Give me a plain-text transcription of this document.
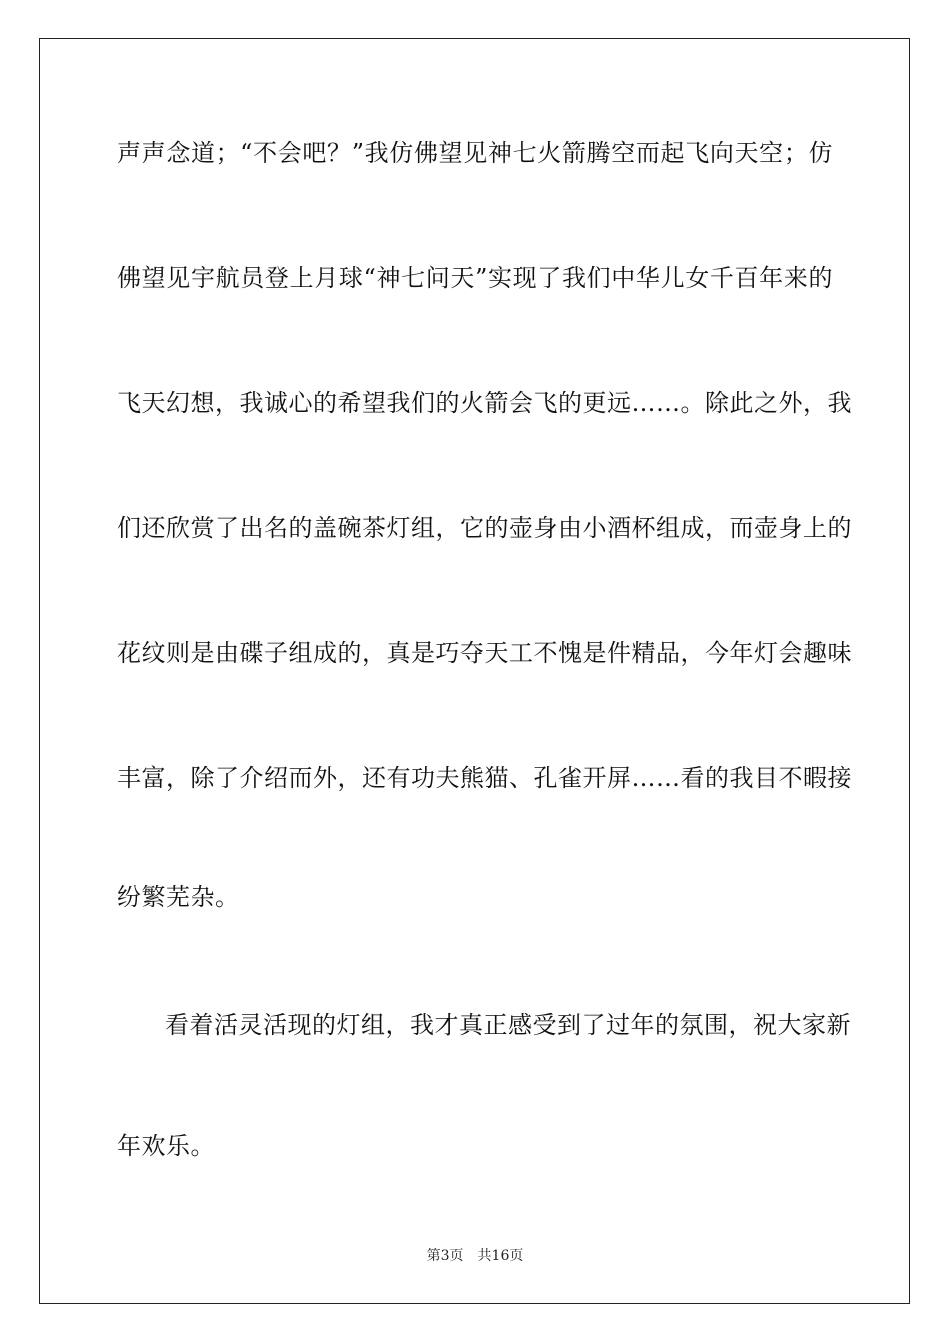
声声念道；“不会吧？”我仿佛望见神七火箭腾空而起飞向天空；仿
佛望见宇航员登上月球“神七问天”实现了我们中华儿女千百年来的
飞天幻想，我诚心的希望我们的火箭会飞的更远……。除此之外，我
们还欣赏了出名的盖碗茶灯组，它的壶身由小酒杯组成，而壶身上的
花纹则是由碟子组成的，真是巧夺天工不愧是件精品，今年灯会趣味
丰富，除了介绍而外，还有功夫熊猫、孔雀开屏……看的我目不暇接
纷繁芜杂。
看着活灵活现的灯组，我才真正感受到了过年的氛围，祝大家新
年欢乐。
第3页 共16页
